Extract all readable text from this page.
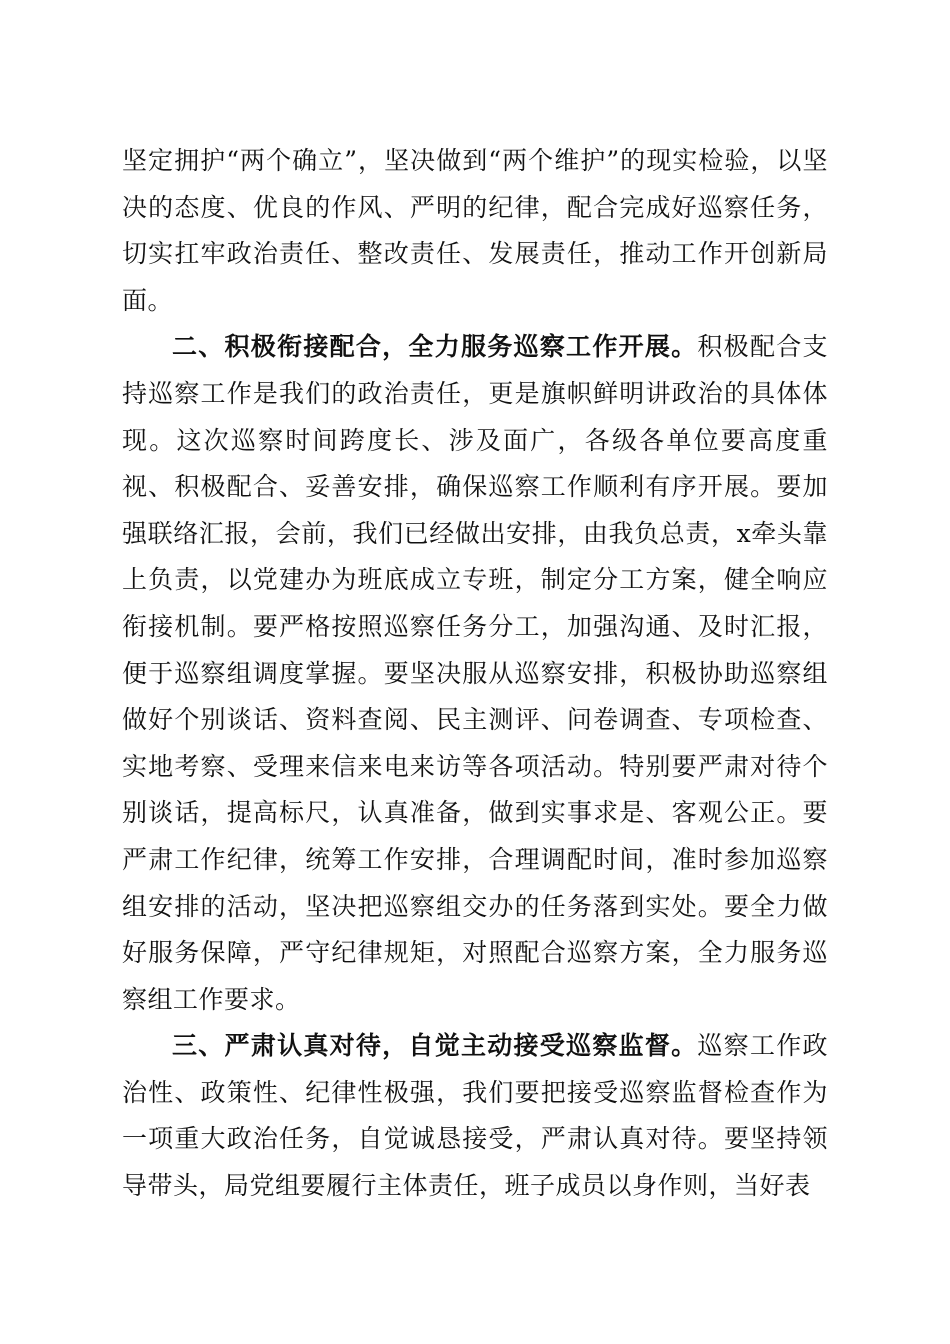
坚定拥护“两个确立”，坚决做到“两个维护”的现实检验，以坚决的态度、优良的作风、严明的纪律，配合完成好巡察任务，切实扛牢政治责任、整改责任、发展责任，推动工作开创新局面。

二、积极衔接配合，全力服务巡察工作开展。积极配合支持巡察工作是我们的政治责任，更是旗帜鲜明讲政治的具体体现。这次巡察时间跨度长、涉及面广，各级各单位要高度重视、积极配合、妥善安排，确保巡察工作顺利有序开展。要加强联络汇报，会前，我们已经做出安排，由我负总责，x牵头靠上负责，以党建办为班底成立专班，制定分工方案，健全响应衔接机制。要严格按照巡察任务分工，加强沟通、及时汇报，便于巡察组调度掌握。要坚决服从巡察安排，积极协助巡察组做好个别谈话、资料查阅、民主测评、问卷调查、专项检查、实地考察、受理来信来电来访等各项活动。特别要严肃对待个别谈话，提高标尺，认真准备，做到实事求是、客观公正。要严肃工作纪律，统筹工作安排，合理调配时间，准时参加巡察组安排的活动，坚决把巡察组交办的任务落到实处。要全力做好服务保障，严守纪律规矩，对照配合巡察方案，全力服务巡察组工作要求。

三、严肃认真对待，自觉主动接受巡察监督。巡察工作政治性、政策性、纪律性极强，我们要把接受巡察监督检查作为一项重大政治任务，自觉诚恳接受，严肃认真对待。要坚持领导带头，局党组要履行主体责任，班子成员以身作则，当好表
